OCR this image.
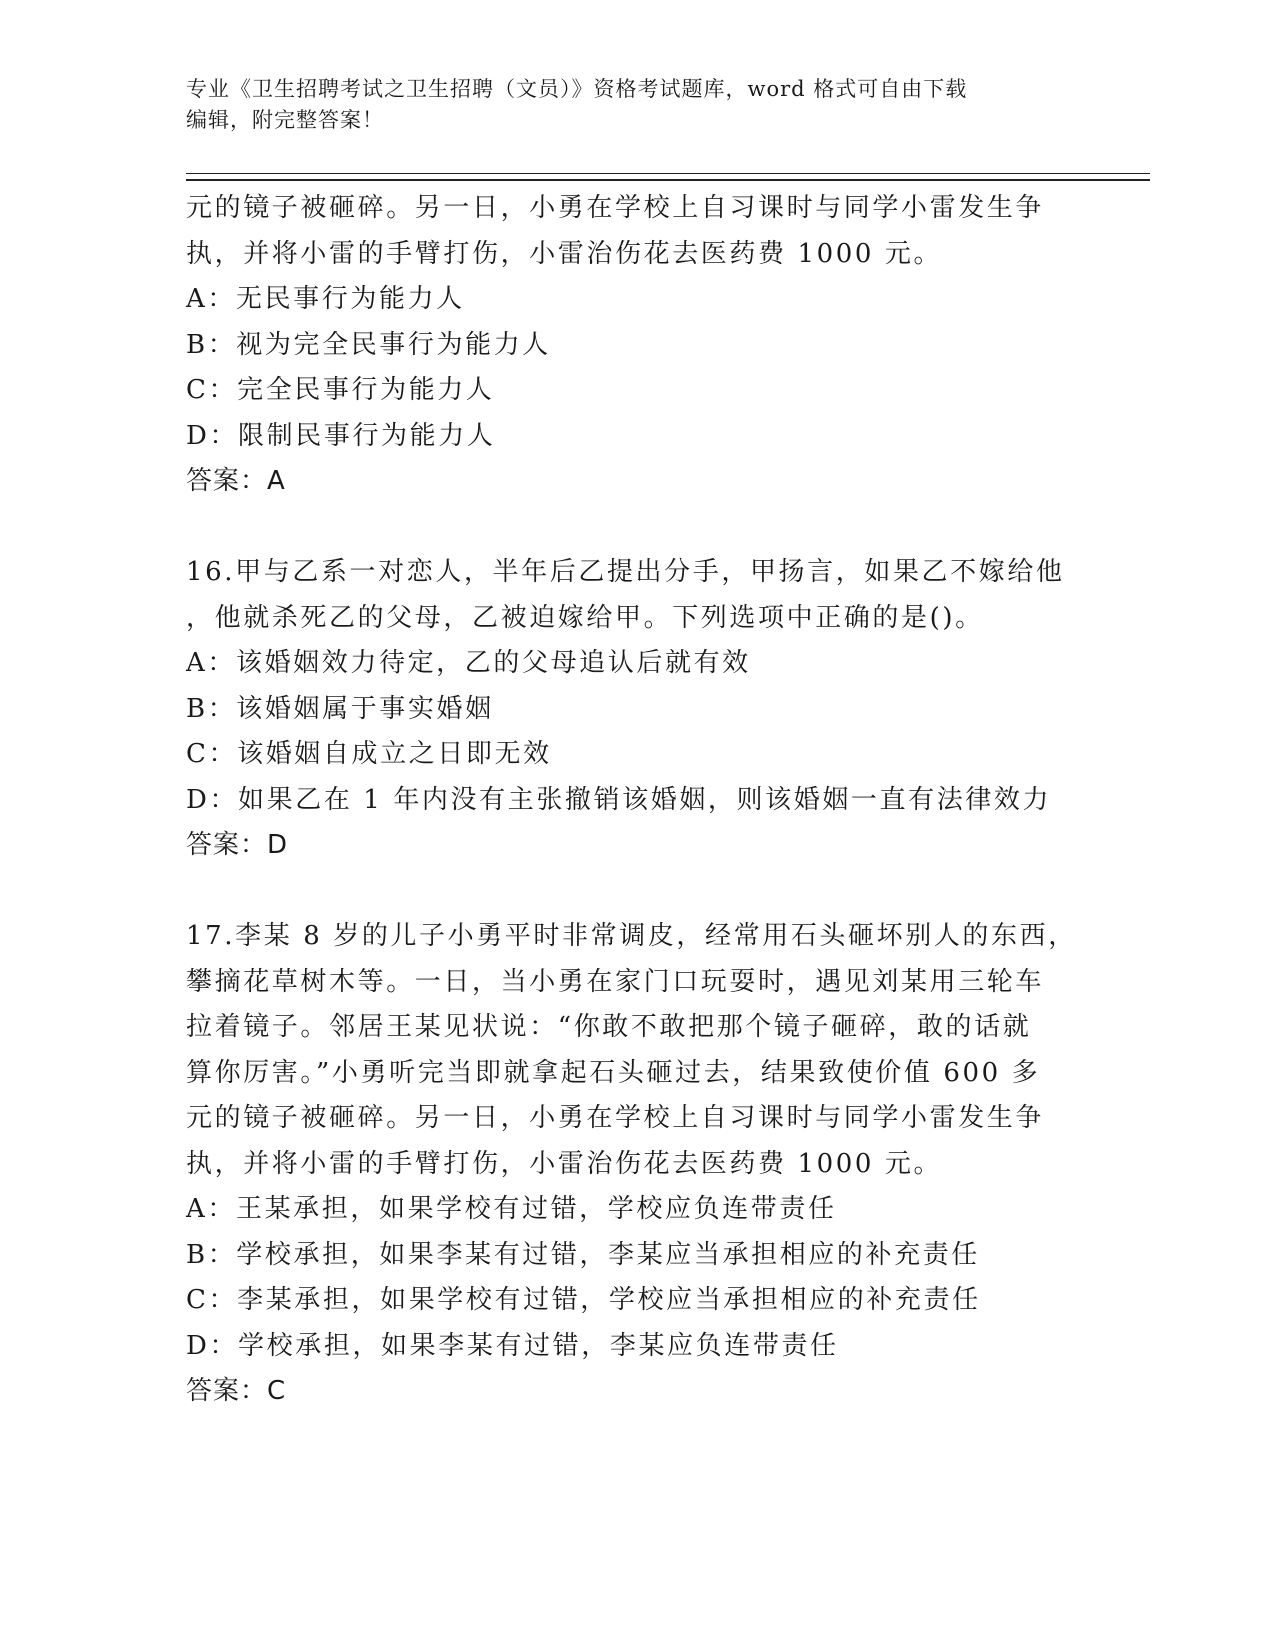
专业《卫生招聘考试之卫生招聘（文员）》资格考试题库，word 格式可自由下载
编辑，附完整答案！
元的镜子被砸碎。另一日，小勇在学校上自习课时与同学小雷发生争
执，并将小雷的手臂打伤，小雷治伤花去医药费 1000 元。
A：无民事行为能力人
B：视为完全民事行为能力人
C：完全民事行为能力人
D：限制民事行为能力人
答案：A
16.甲与乙系一对恋人，半年后乙提出分手，甲扬言，如果乙不嫁给他
，他就杀死乙的父母，乙被迫嫁给甲。下列选项中正确的是()。
A：该婚姻效力待定，乙的父母追认后就有效
B：该婚姻属于事实婚姻
C：该婚姻自成立之日即无效
D：如果乙在 1 年内没有主张撤销该婚姻，则该婚姻一直有法律效力
答案：D
17.李某 8 岁的儿子小勇平时非常调皮，经常用石头砸坏别人的东西，
攀摘花草树木等。一日，当小勇在家门口玩耍时，遇见刘某用三轮车
拉着镜子。邻居王某见状说：“你敢不敢把那个镜子砸碎，敢的话就
算你厉害。”小勇听完当即就拿起石头砸过去，结果致使价值 600 多
元的镜子被砸碎。另一日，小勇在学校上自习课时与同学小雷发生争
执，并将小雷的手臂打伤，小雷治伤花去医药费 1000 元。
A：王某承担，如果学校有过错，学校应负连带责任
B：学校承担，如果李某有过错，李某应当承担相应的补充责任
C：李某承担，如果学校有过错，学校应当承担相应的补充责任
D：学校承担，如果李某有过错，李某应负连带责任
答案：C
